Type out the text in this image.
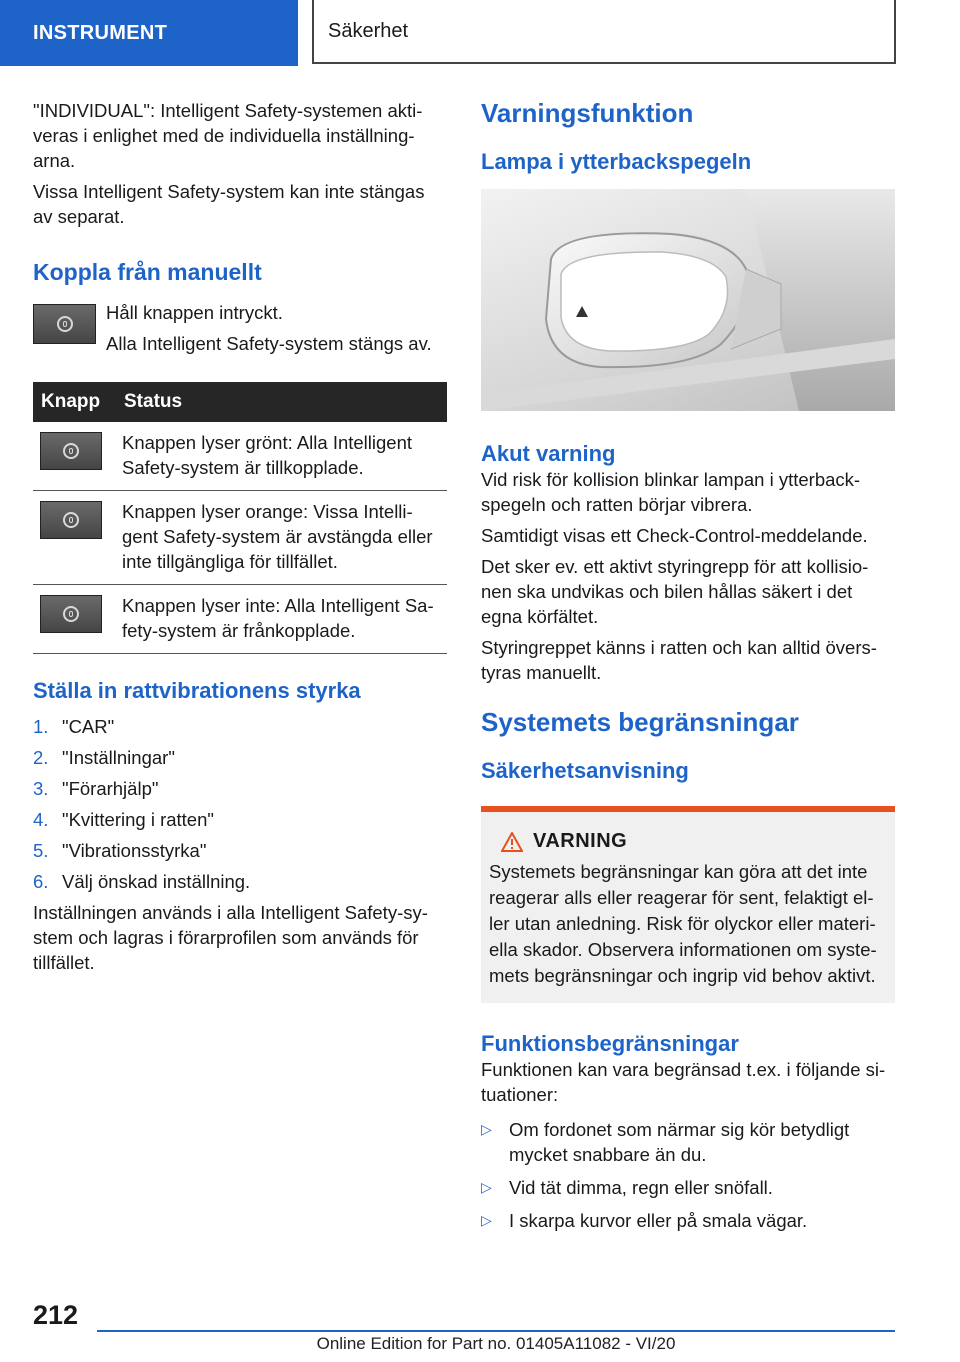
INSTRUMENT	Säkerhet

"INDIVIDUAL": Intelligent Safety-systemen akti-veras i enlighet med de individuella inställning-arna.

Vissa Intelligent Safety-system kan inte stängas av separat.

Koppla från manuellt

Håll knappen intryckt.

Alla Intelligent Safety-system stängs av.

Knapp	Status

	Knappen lyser grönt: Alla Intelligent Safety-system är tillkopplade.

	Knappen lyser orange: Vissa Intelli-gent Safety-system är avstängda eller inte tillgängliga för tillfället.

	Knappen lyser inte: Alla Intelligent Sa-fety-system är frånkopplade.
Ställa in rattvibrationens styrka
1. "CAR"
2. "Inställningar"
3. "Förarhjälp"
4. "Kvittering i ratten"
5. "Vibrationsstyrka"
6. Välj önskad inställning.

Inställningen används i alla Intelligent Safety-sy-stem och lagras i förarprofilen som används för tillfället.

Varningsfunktion
Lampa i ytterbackspegeln
Akut varning

Vid risk för kollision blinkar lampan i ytterback-spegeln och ratten börjar vibrera.

Samtidigt visas ett Check-Control-meddelande.

Det sker ev. ett aktivt styringrepp för att kollisio-nen ska undvikas och bilen hållas säkert i det egna körfältet.

Styringreppet känns i ratten och kan alltid övers-tyras manuellt.

Systemets begränsningar
Säkerhetsanvisning
VARNING

Systemets begränsningar kan göra att det inte reagerar alls eller reagerar för sent, felaktigt el-ler utan anledning. Risk för olyckor eller materi-ella skador. Observera informationen om syste-mets begränsningar och ingrip vid behov aktivt.

Funktionsbegränsningar

Funktionen kan vara begränsad t.ex. i följande si-tuationer:

▷ Om fordonet som närmar sig kör betydligt mycket snabbare än du.
▷ Vid tät dimma, regn eller snöfall.
▷ I skarpa kurvor eller på smala vägar.
212
Online Edition for Part no. 01405A11082 - VI/20
